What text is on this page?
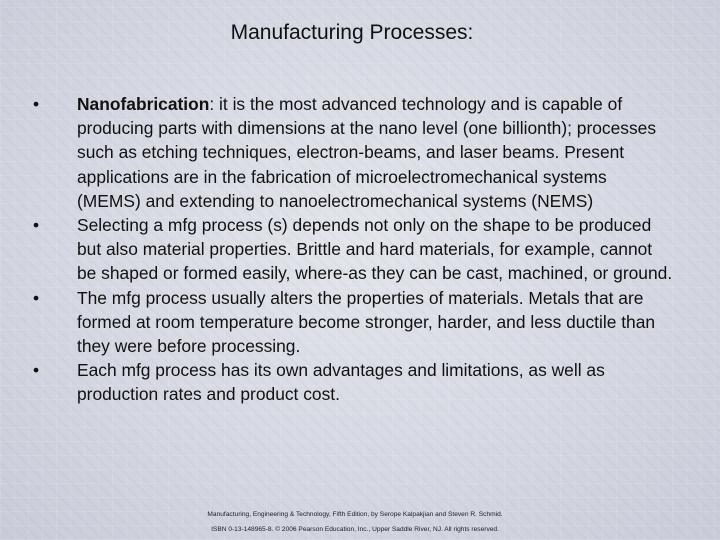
Manufacturing Processes:
•	Nanofabrication: it is the most advanced technology and is capable of producing parts with dimensions at the nano level (one billionth); processes such as etching techniques, electron-beams, and laser beams. Present applications are in the fabrication of microelectromechanical systems (MEMS) and extending to nanoelectromechanical systems (NEMS)
•	Selecting a mfg process (s) depends not only on the shape to be produced but also material properties. Brittle and hard materials, for example, cannot be shaped or formed easily, where-as they can be cast, machined, or ground.
•	The mfg process usually alters the properties of materials. Metals that are formed at room temperature become stronger, harder, and less ductile than they were before processing.
•	Each mfg process has its own advantages and limitations, as well as production rates and product cost.
Manufacturing, Engineering & Technology, Fifth Edition, by Serope Kalpakjian and Steven R. Schmid.
ISBN 0-13-148965-8. © 2006 Pearson Education, Inc., Upper Saddle River, NJ. All rights reserved.
